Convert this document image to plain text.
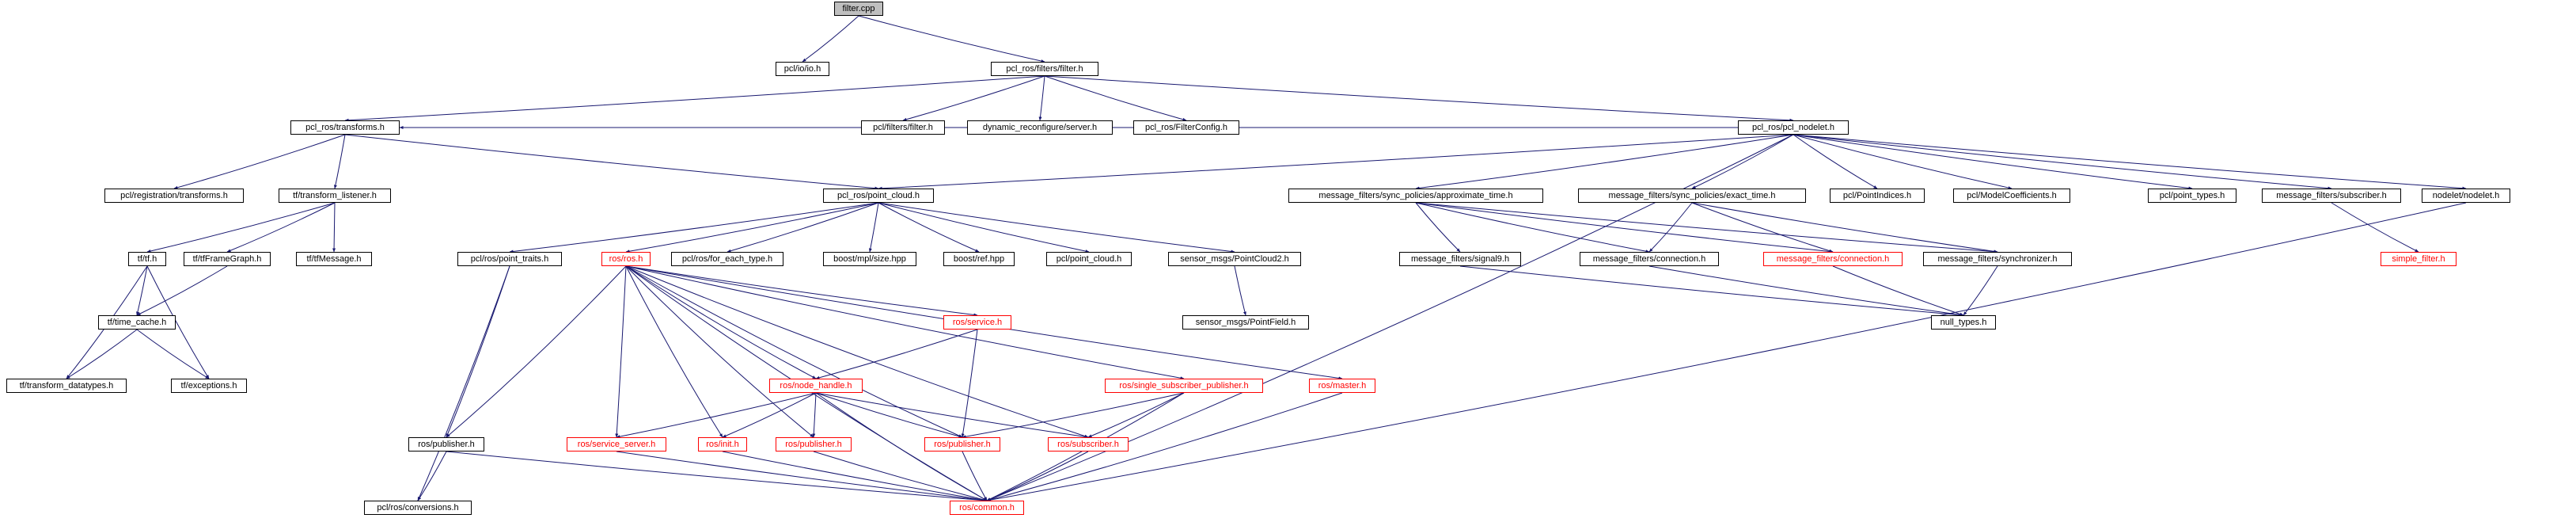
filter.cpp
pcl/io/io.h	pcl_ros/filters/filter.h
pcl_ros/transforms.h	pcl/filters/filter.h	dynamic_reconfigure/server.h	pcl_ros/FilterConfig.h	pcl_ros/pcl_nodelet.h
pcl/registration/transforms.h	tf/transform_listener.h	pcl_ros/point_cloud.h	message_filters/sync_policies/approximate_time.h	message_filters/sync_policies/exact_time.h	pcl/PointIndices.h	pcl/ModelCoefficients.h	pcl/point_types.h	message_filters/subscriber.h	nodelet/nodelet.h
tf/tf.h	tf/tfFrameGraph.h	tf/tfMessage.h	pcl/ros/point_traits.h	ros/ros.h	pcl/ros/for_each_type.h	boost/mpl/size.hpp	boost/ref.hpp	pcl/point_cloud.h	sensor_msgs/PointCloud2.h	message_filters/signal9.h	message_filters/connection.h	message_filters/connection.h	message_filters/synchronizer.h	simple_filter.h
tf/time_cache.h	sensor_msgs/PointField.h	null_types.h
ros/service.h
tf/transform_datatypes.h	tf/exceptions.h	ros/node_handle.h	ros/single_subscriber_publisher.h	ros/master.h
ros/publisher.h	ros/service_server.h	ros/init.h	ros/publisher.h	ros/publisher.h	ros/subscriber.h
pcl/ros/conversions.h	ros/common.h
